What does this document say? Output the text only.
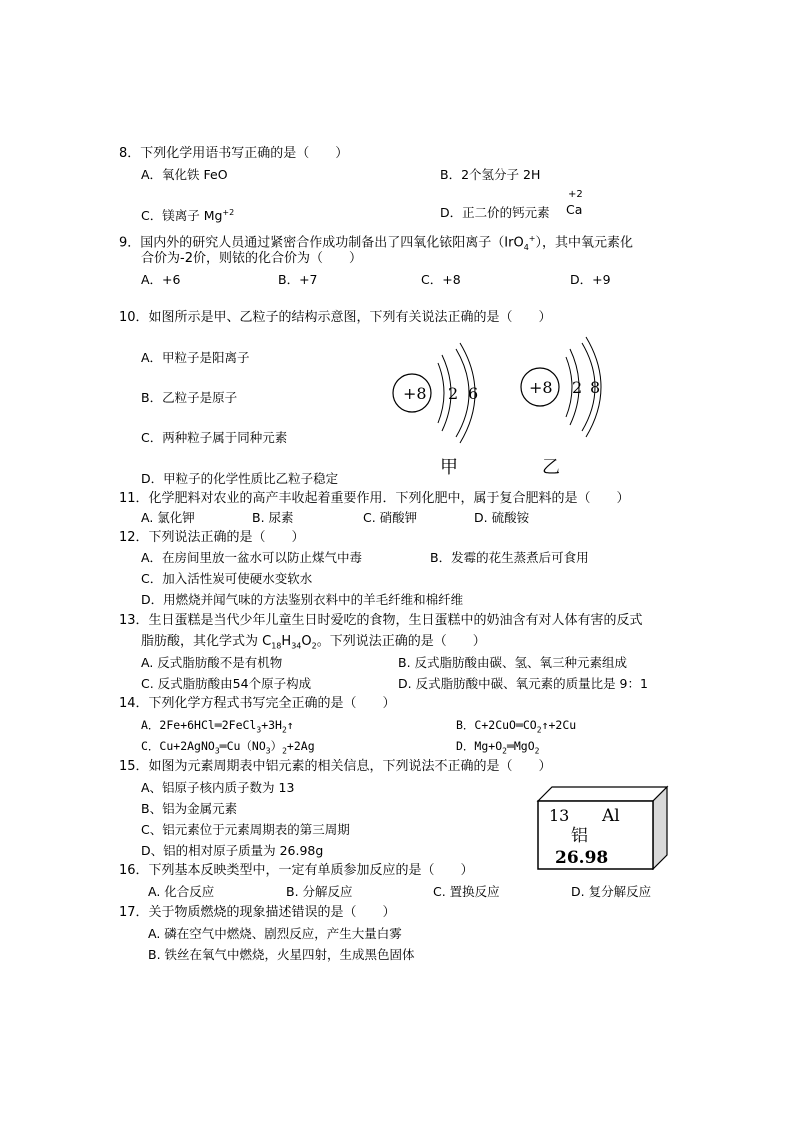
8．下列化学用语书写正确的是（　　）
A．氧化铁 FeO	B．2个氢分子 2H
C．镁离子 $Mg^{+2}$	D．正二价的钙元素
+2
Ca
9．国内外的研究人员通过紧密合作成功制备出了四氧化铱阳离子（IrO$_4$+），其中氧元素化
合价为-2价，则铱的化合价为（　　）
A．+6	B．+7	C．+8	D．+9
10．如图所示是甲、乙粒子的结构示意图，下列有关说法正确的是（　　）
A．甲粒子是阳离子
B．乙粒子是原子
C．两种粒子属于同种元素
D．甲粒子的化学性质比乙粒子稳定
+8 2 6
甲
+8 2 8
乙
11．化学肥料对农业的高产丰收起着重要作用．下列化肥中，属于复合肥料的是（　　）
A. 氯化钾	B. 尿素	C. 硝酸钾	D. 硫酸铵
12．下列说法正确的是（　　）
A．在房间里放一盆水可以防止煤气中毒	B．发霉的花生蒸煮后可食用
C．加入活性炭可使硬水变软水
D．用燃烧并闻气味的方法鉴别衣料中的羊毛纤维和棉纤维
13．生日蛋糕是当代少年儿童生日时爱吃的食物，生日蛋糕中的奶油含有对人体有害的反式
脂肪酸，其化学式为 $C_{18}H_{34}O_2$。下列说法正确的是（　　）
A. 反式脂肪酸不是有机物	B. 反式脂肪酸由碳、氢、氧三种元素组成
C. 反式脂肪酸由54个原子构成	D. 反式脂肪酸中碳、氧元素的质量比是 9：1
14．下列化学方程式书写完全正确的是（　　）
A．$2Fe+6HCl═2FeCl_3+3H_2↑$	B．$C+2CuO═CO_2↑+2Cu$
C．$Cu+2AgNO_3═Cu(NO_3)_2+2Ag$	D．$Mg+O_2═MgO_2$
15．如图为元素周期表中铝元素的相关信息，下列说法不正确的是（　　）
A、铝原子核内质子数为 13
B、铝为金属元素
C、铝元素位于元素周期表的第三周期
D、铝的相对原子质量为 26.98g
13 Al
铝
26.98
16．下列基本反映类型中，一定有单质参加反应的是（　　）
A. 化合反应	B. 分解反应	C. 置换反应	D. 复分解反应
17．关于物质燃烧的现象描述错误的是（　　）
A. 磷在空气中燃烧、剧烈反应，产生大量白雾
B. 铁丝在氧气中燃烧，火星四射，生成黑色固体
